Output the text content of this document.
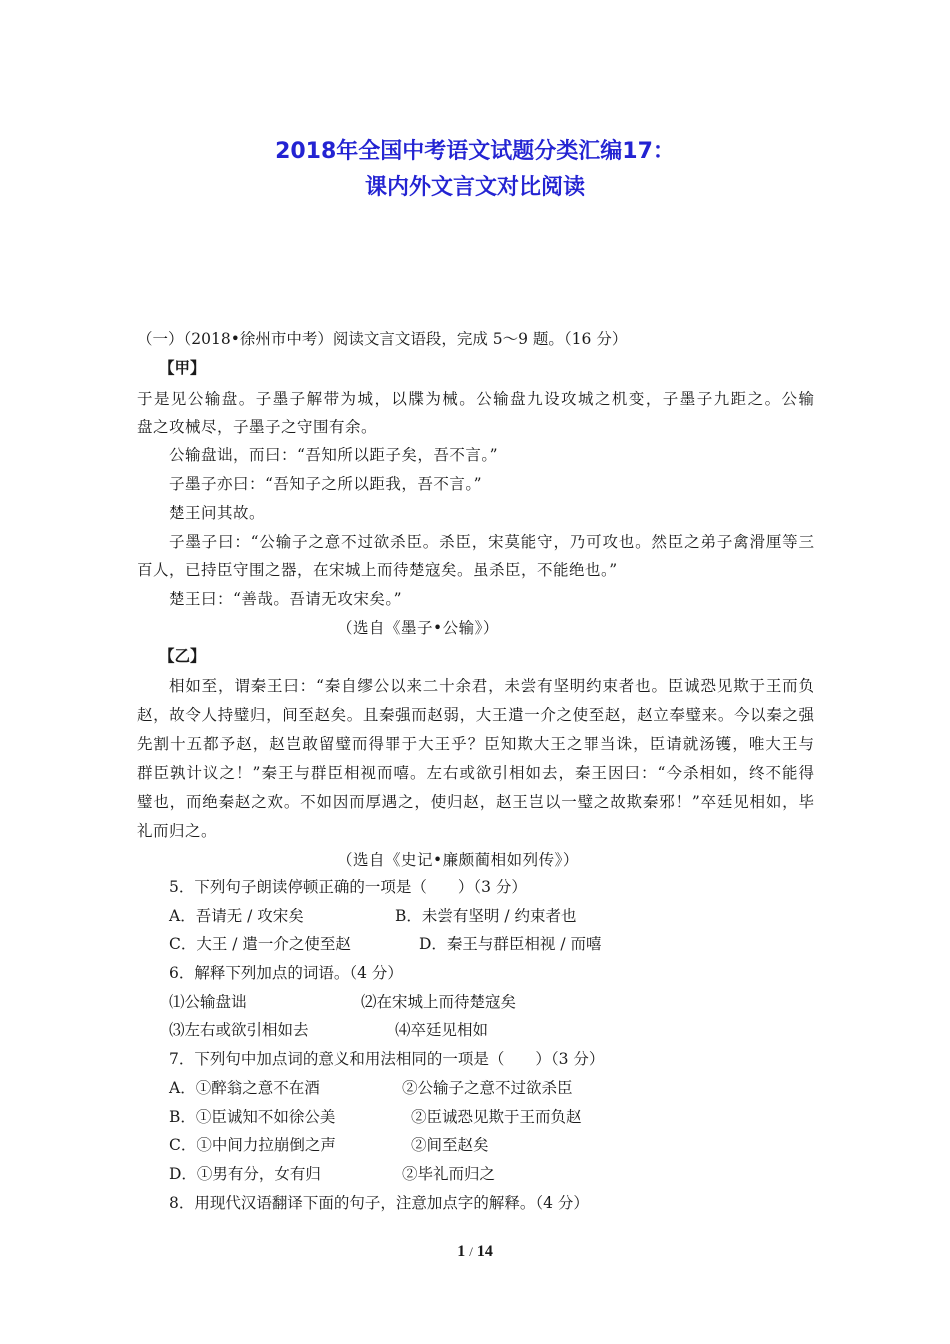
2018年全国中考语文试题分类汇编17：
课内外文言文对比阅读
（一）（2018•徐州市中考）阅读文言文语段，完成 5～9 题。（16 分）
【甲】
于是见公输盘。子墨子解带为城，以牒为械。公输盘九设攻城之机变，子墨子九距之。公输
盘之攻械尽，子墨子之守围有余。
公输盘诎，而曰：“吾知所以距子矣，吾不言。”
子墨子亦曰：“吾知子之所以距我，吾不言。”
楚王问其故。
子墨子曰：“公输子之意不过欲杀臣。杀臣，宋莫能守，乃可攻也。然臣之弟子禽滑厘等三
百人，已持臣守围之器，在宋城上而待楚寇矣。虽杀臣，不能绝也。”
楚王曰：“善哉。吾请无攻宋矣。”
（选自《墨子•公输》）
【乙】
相如至，谓秦王曰：“秦自缪公以来二十余君，未尝有坚明约束者也。臣诚恐见欺于王而负
赵，故令人持璧归，间至赵矣。且秦强而赵弱，大王遣一介之使至赵，赵立奉璧来。今以秦之强
先割十五都予赵，赵岂敢留璧而得罪于大王乎？臣知欺大王之罪当诛，臣请就汤镬，唯大王与
群臣孰计议之！”秦王与群臣相视而嘻。左右或欲引相如去，秦王因曰：“今杀相如，终不能得
璧也，而绝秦赵之欢。不如因而厚遇之，使归赵，赵王岂以一璧之故欺秦邪！”卒廷见相如，毕
礼而归之。
（选自《史记•廉颇蔺相如列传》）
5．下列句子朗读停顿正确的一项是（　　）（3 分）
A．吾请无 / 攻宋矣	B．未尝有坚明 / 约束者也
C．大王 / 遣一介之使至赵	D．秦王与群臣相视 / 而嘻
6．解释下列加点的词语。（4 分）
⑴公输盘诎	⑵在宋城上而待楚寇矣
⑶左右或欲引相如去	⑷卒廷见相如
7．下列句中加点词的意义和用法相同的一项是（　　）（3 分）
A．①醉翁之意不在酒	②公输子之意不过欲杀臣
B．①臣诚知不如徐公美	②臣诚恐见欺于王而负赵
C．①中间力拉崩倒之声	②间至赵矣
D．①男有分，女有归	②毕礼而归之
8．用现代汉语翻译下面的句子，注意加点字的解释。（4 分）
1 / 14
